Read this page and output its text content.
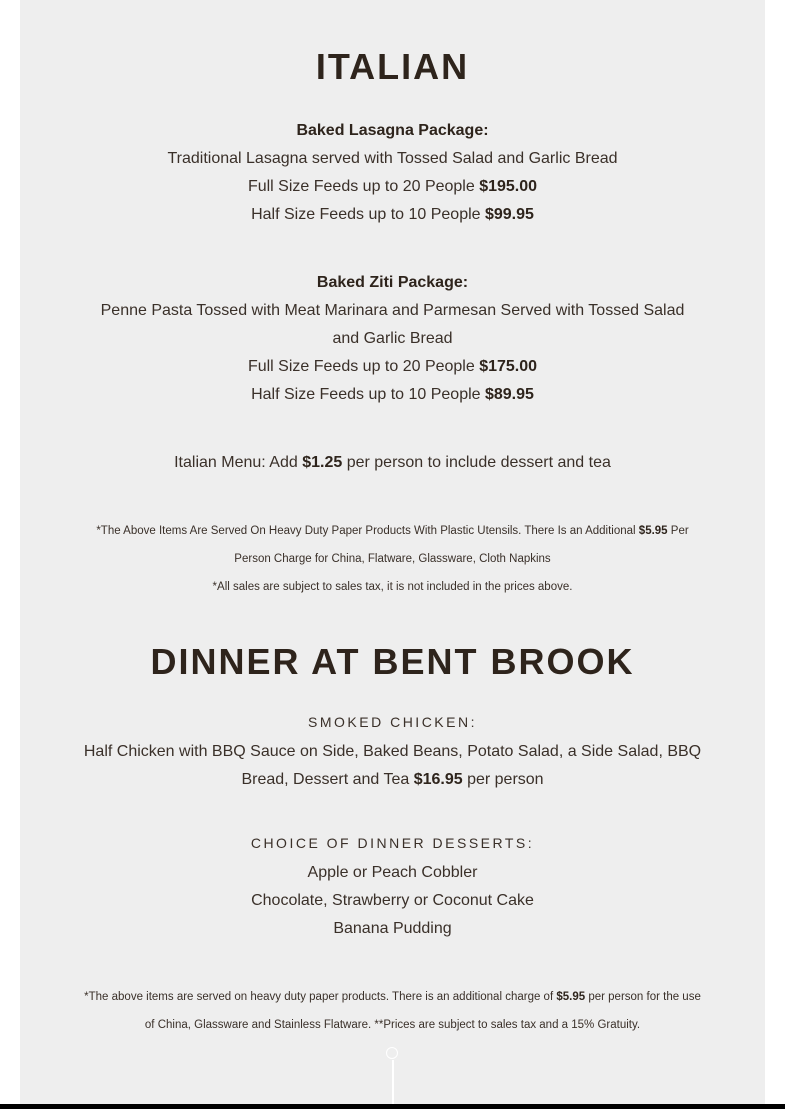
ITALIAN
Baked Lasagna Package:
Traditional Lasagna served with Tossed Salad and Garlic Bread
Full Size Feeds up to 20 People $195.00
Half Size Feeds up to 10 People $99.95
Baked Ziti Package:
Penne Pasta Tossed with Meat Marinara and Parmesan Served with Tossed Salad
and Garlic Bread
Full Size Feeds up to 20 People $175.00
Half Size Feeds up to 10 People $89.95
Italian Menu: Add $1.25 per person to include dessert and tea
*The Above Items Are Served On Heavy Duty Paper Products With Plastic Utensils. There Is an Additional $5.95 Per
Person Charge for China, Flatware, Glassware, Cloth Napkins
*All sales are subject to sales tax, it is not included in the prices above.
DINNER AT BENT BROOK
SMOKED CHICKEN:
Half Chicken with BBQ Sauce on Side, Baked Beans, Potato Salad, a Side Salad, BBQ
Bread, Dessert and Tea $16.95 per person
CHOICE OF DINNER DESSERTS:
Apple or Peach Cobbler
Chocolate, Strawberry or Coconut Cake
Banana Pudding
*The above items are served on heavy duty paper products. There is an additional charge of $5.95 per person for the use
of China, Glassware and Stainless Flatware. **Prices are subject to sales tax and a 15% Gratuity.
